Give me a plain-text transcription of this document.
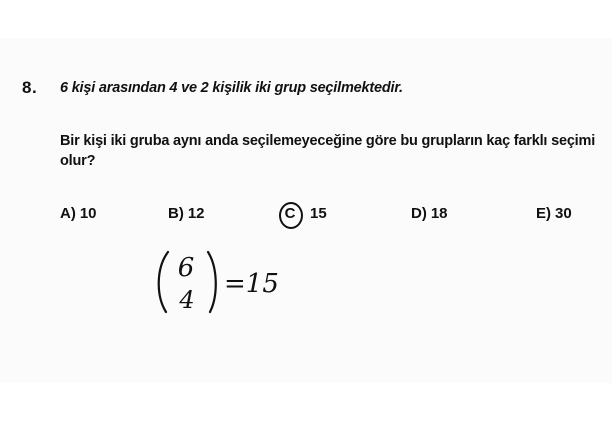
8. 6 kişi arasından 4 ve 2 kişilik iki grup seçilmektedir.
Bir kişi iki gruba aynı anda seçilemeyeceğine göre bu grupların kaç farklı seçimi olur?
A) 10	B) 12	C 15	D) 18	E) 30
6
4
=15
